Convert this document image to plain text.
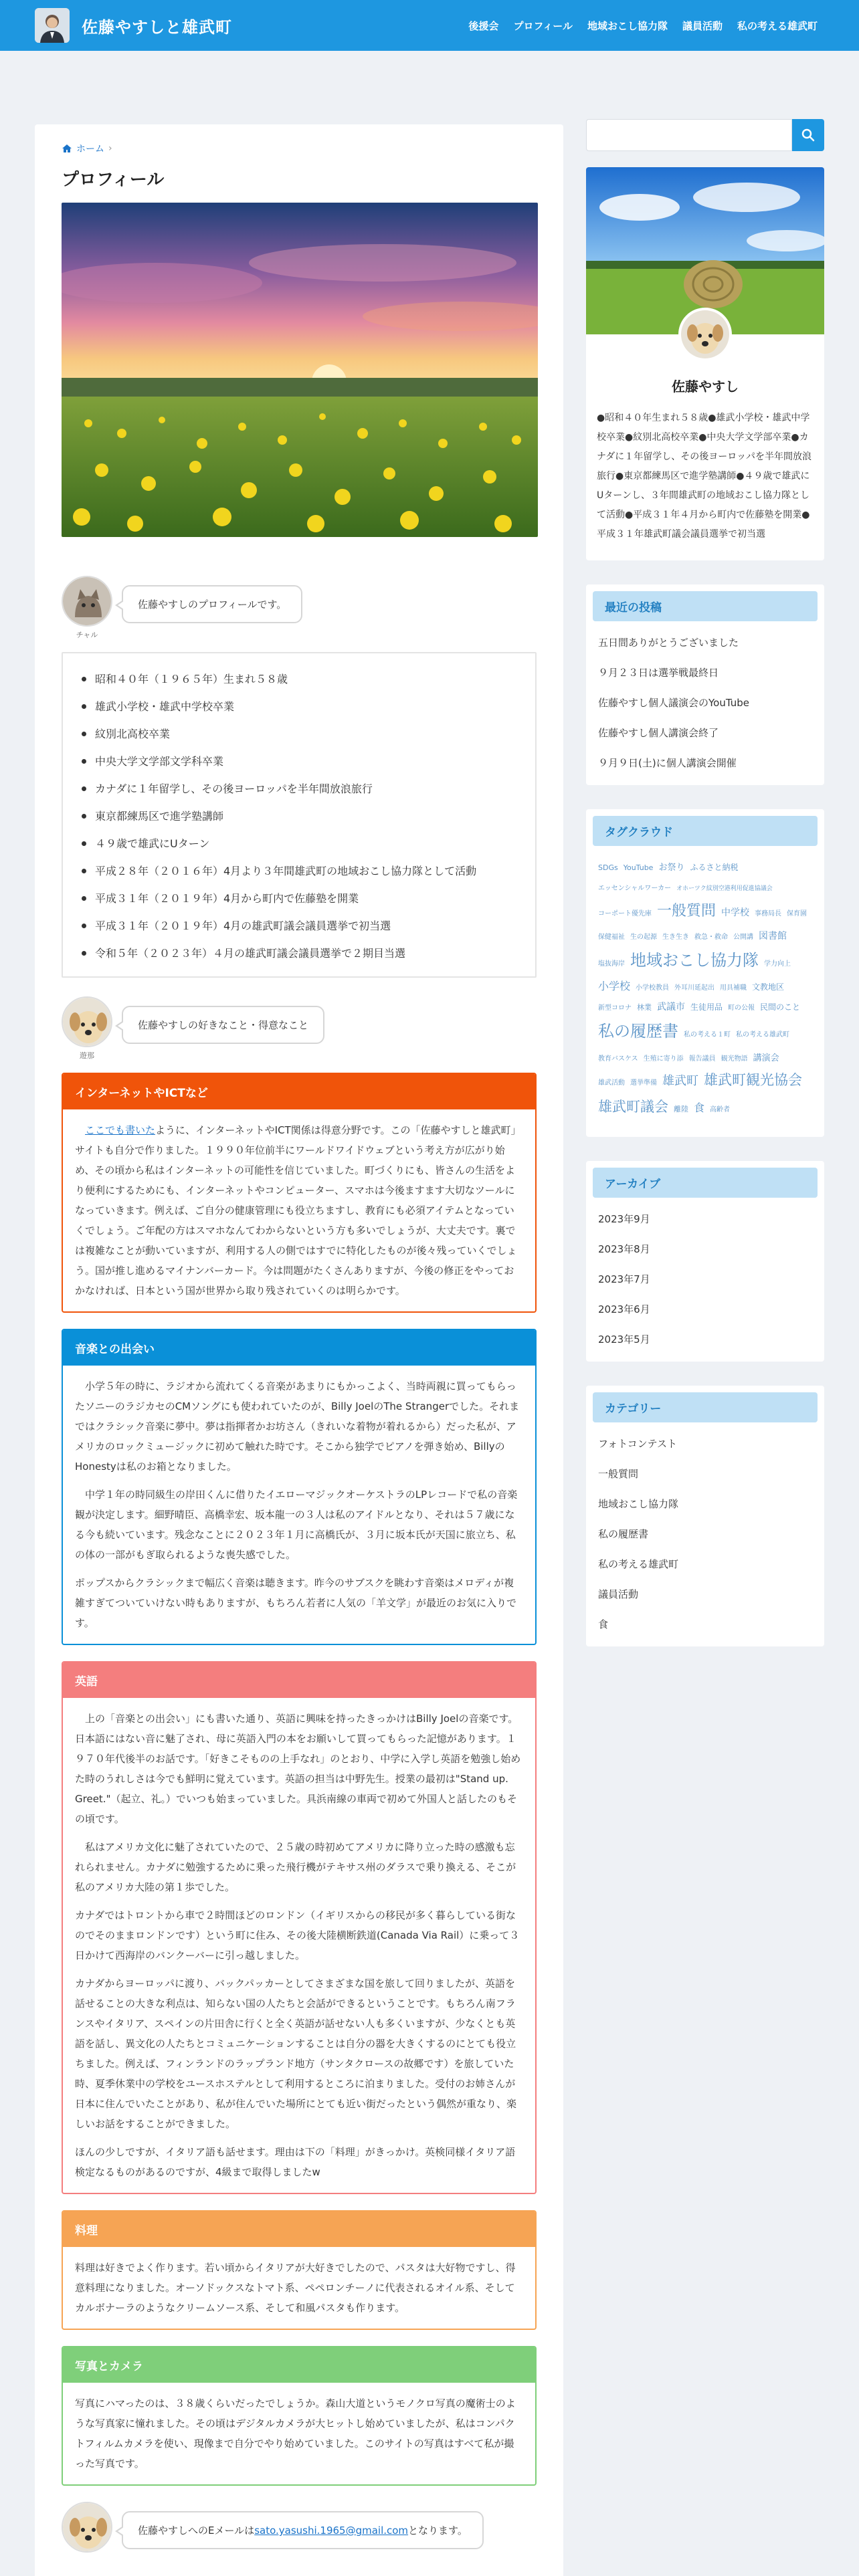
佐藤やすしと雄武町	後援会 プロフィール 地域おこし協力隊 議員活動 私の考える雄武町
ホーム ›
プロフィール
チャル
佐藤やすしのプロフィールです。
昭和４０年（１９６５年）生まれ５８歳
雄武小学校・雄武中学校卒業
紋別北高校卒業
中央大学文学部文学科卒業
カナダに１年留学し、その後ヨーロッパを半年間放浪旅行
東京都練馬区で進学塾講師
４９歳で雄武にUターン
平成２８年（２０１６年）4月より３年間雄武町の地域おこし協力隊として活動
平成３１年（２０１９年）4月から町内で佐藤塾を開業
平成３１年（２０１９年）4月の雄武町議会議員選挙で初当選
令和５年（２０２３年）４月の雄武町議会議員選挙で２期目当選
遊那
佐藤やすしの好きなこと・得意なこと
インターネットやICTなど

ここでも書いたように、インターネットやICT関係は得意分野です。この「佐藤やすしと雄武町」サイトも自分で作りました。１９９０年位前半にワールドワイドウェブという考え方が広がり始め、その頃から私はインターネットの可能性を信じていました。町づくりにも、皆さんの生活をより便利にするためにも、インターネットやコンピューター、スマホは今後ますます大切なツールになっていきます。例えば、ご自分の健康管理にも役立ちますし、教育にも必須アイテムとなっていくでしょう。ご年配の方はスマホなんてわからないという方も多いでしょうが、大丈夫です。裏では複雑なことが動いていますが、利用する人の側ではすでに特化したものが後々残っていくでしょう。国が推し進めるマイナンバーカード。今は問題がたくさんありますが、今後の修正をやっておかなければ、日本という国が世界から取り残されていくのは明らかです。

音楽との出会い

小学５年の時に、ラジオから流れてくる音楽があまりにもかっこよく、当時両親に買ってもらったソニーのラジカセのCMソングにも使われていたのが、Billy JoelのThe Strangerでした。それまではクラシック音楽に夢中。夢は指揮者かお坊さん（きれいな着物が着れるから）だった私が、アメリカのロックミュージックに初めて触れた時です。そこから独学でピアノを弾き始め、BillyのHonestyは私のお箱となりました。

中学１年の時同級生の岸田くんに借りたイエローマジックオーケストラのLPレコードで私の音楽観が決定します。細野晴臣、高橋幸宏、坂本龍一の３人は私のアイドルとなり、それは５７歳になる今も続いています。残念なことに２０２３年１月に高橋氏が、３月に坂本氏が天国に旅立ち、私の体の一部がもぎ取られるような喪失感でした。

ポップスからクラシックまで幅広く音楽は聴きます。昨今のサブスクを眺わす音楽はメロディが複雑すぎてついていけない時もありますが、もちろん若者に人気の「羊文学」が最近のお気に入りです。

英語

上の「音楽との出会い」にも書いた通り、英語に興味を持ったきっかけはBilly Joelの音楽です。日本語にはない音に魅了され、母に英語入門の本をお願いして買ってもらった記憶があります。１９７０年代後半のお話です。「好きこそものの上手なれ」のとおり、中学に入学し英語を勉強し始めた時のうれしさは今でも鮮明に覚えています。英語の担当は中野先生。授業の最初は"Stand up. Greet."（起立、礼。）でいつも始まっていました。具浜南線の車両で初めて外国人と話したのもその頃です。

私はアメリカ文化に魅了されていたので、２５歳の時初めてアメリカに降り立った時の感激も忘れられません。カナダに勉強するために乗った飛行機がテキサス州のダラスで乗り換える、そこが私のアメリカ大陸の第１歩でした。

カナダではトロントから車で２時間ほどのロンドン（イギリスからの移民が多く暮らしている街なのでそのままロンドンです）という町に住み、その後大陸横断鉄道(Canada Via Rail）に乗って３日かけて西海岸のバンクーバーに引っ越しました。

カナダからヨーロッパに渡り、バックパッカーとしてさまざまな国を旅して回りましたが、英語を話せることの大きな利点は、知らない国の人たちと会話ができるということです。もちろん南フランスやイタリア、スペインの片田舎に行くと全く英語が話せない人も多くいますが、少なくとも英語を話し、異文化の人たちとコミュニケーションすることは自分の器を大きくするのにとても役立ちました。例えば、フィンランドのラップランド地方（サンタクロースの故郷です）を旅していた時、夏季休業中の学校をユースホステルとして利用するところに泊まりました。受付のお姉さんが日本に住んでいたことがあり、私が住んでいた場所にとても近い街だったという偶然が重なり、楽しいお話をすることができました。

ほんの少しですが、イタリア語も話せます。理由は下の「料理」がきっかけ。英検同様イタリア語検定なるものがあるのですが、4級まで取得しましたw

料理

料理は好きでよく作ります。若い頃からイタリアが大好きでしたので、パスタは大好物ですし、得意料理になりました。オーソドックスなトマト系、ペペロンチーノに代表されるオイル系、そしてカルボナーラのようなクリームソース系、そして和風パスタも作ります。

写真とカメラ

写真にハマったのは、３８歳くらいだったでしょうか。森山大道というモノクロ写真の魔術士のような写真家に憧れました。その頃はデジタルカメラが大ヒットし始めていましたが、私はコンパクトフィルムカメラを使い、現像まで自分でやり始めていました。このサイトの写真はすべて私が撮った写真です。

佐藤やすしへのEメールはsato.yasushi.1965@gmail.comとなります。
佐藤やすし
●昭和４０年生まれ５８歳●雄武小学校・雄武中学校卒業●紋別北高校卒業●中央大学文学部卒業●カナダに１年留学し、その後ヨーロッパを半年間放浪旅行●東京都練馬区で進学塾講師●４９歳で雄武にUターンし、３年間雄武町の地域おこし協力隊として活動●平成３１年４月から町内で佐藤塾を開業●平成３１年雄武町議会議員選挙で初当選
最近の投稿
五日間ありがとうございました
９月２３日は選挙戦最終日
佐藤やすし個人議演会のYouTube
佐藤やすし個人講演会終了
９月９日(土)に個人講演会開催
タグクラウド
SDGs YouTube お祭り ふるさと納税エッセンシャルワーカー オホーツク紋別空港利用促進協議会コーポート優先庫 一般質問 中学校 事務局長 保育園保健福祉 生の起源 生き生き 救急・救命 公開講 図書館塩抜海岸 地域おこし協力隊 学力向上小学校 小学校教員 外耳川延起出 用具補職 文教地区新型コロナ 林業 武議市 生徒用品 町の公報 民間のこと私の履歴書 私の考える１町 私の考える雄武町教育バスケス 生殖に寄り添 報告議員 観光物語 講演会雄武活動 選挙準備 雄武町 雄武町観光協会雄武町議会 離陸 食 高齢者
アーカイブ
2023年9月
2023年8月
2023年7月
2023年6月
2023年5月
カテゴリー
フォトコンテスト
一般質問
地域おこし協力隊
私の履歴書
私の考える雄武町
議員活動
食
